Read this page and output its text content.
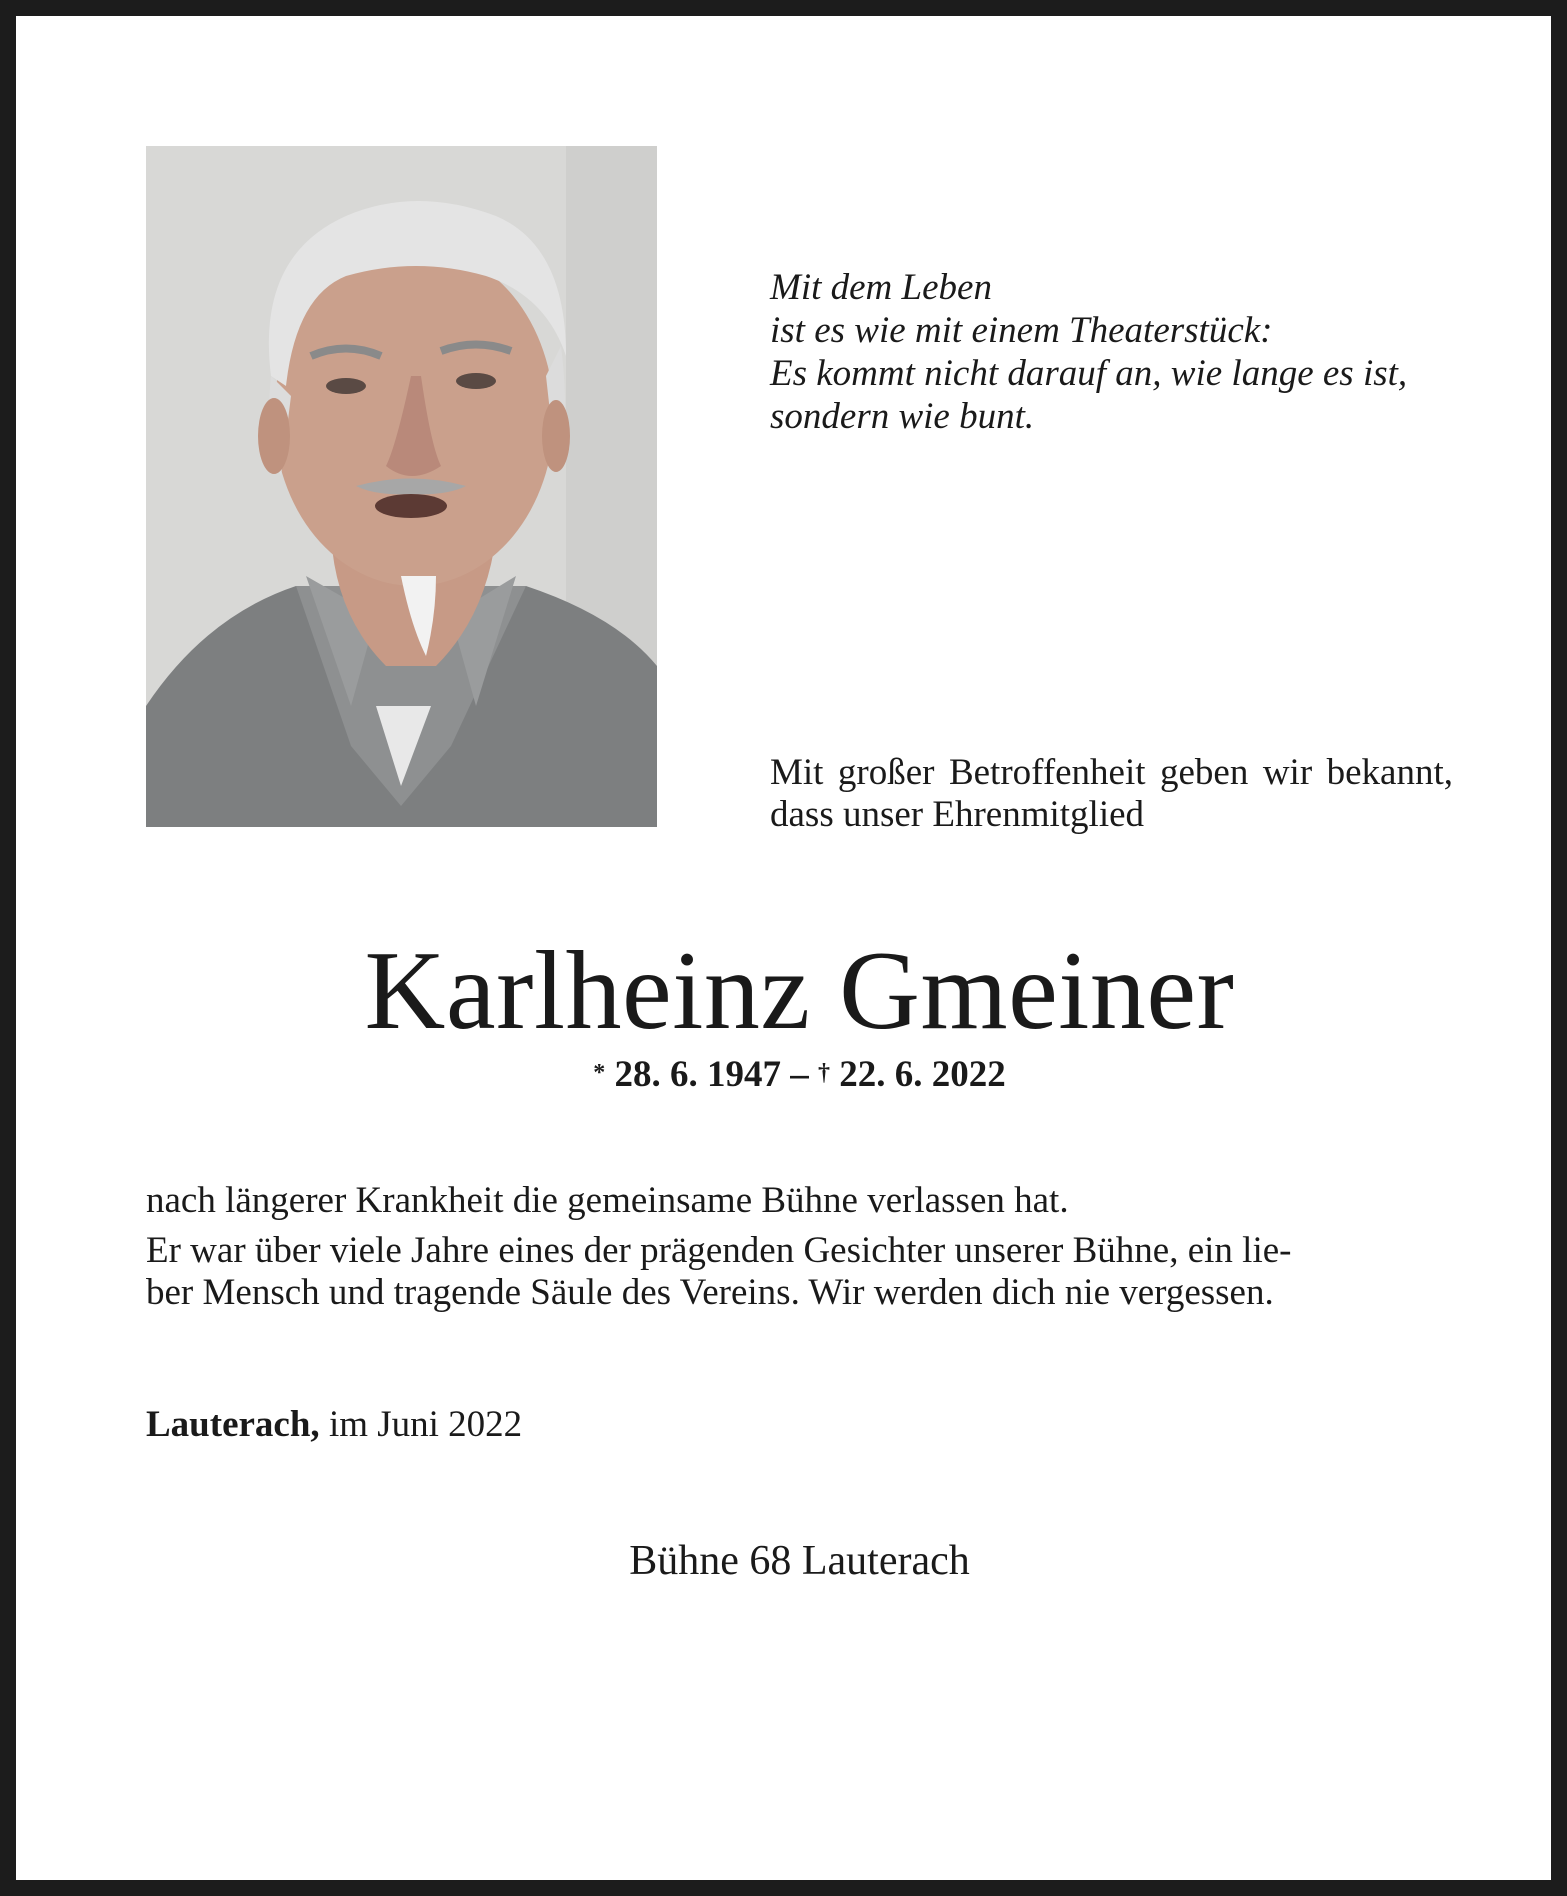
Mit dem Leben
ist es wie mit einem Theaterstück:
Es kommt nicht darauf an, wie lange es ist,
sondern wie bunt.
Mit großer Betroffenheit geben wir bekannt, dass unser Ehrenmitglied
Karlheinz Gmeiner
* 28. 6. 1947 – † 22. 6. 2022

nach längerer Krankheit die gemeinsame Bühne verlassen hat.

Er war über viele Jahre eines der prägenden Gesichter unserer Bühne, ein lie-
ber Mensch und tragende Säule des Vereins. Wir werden dich nie vergessen.

Lauterach, im Juni 2022
Bühne 68 Lauterach
